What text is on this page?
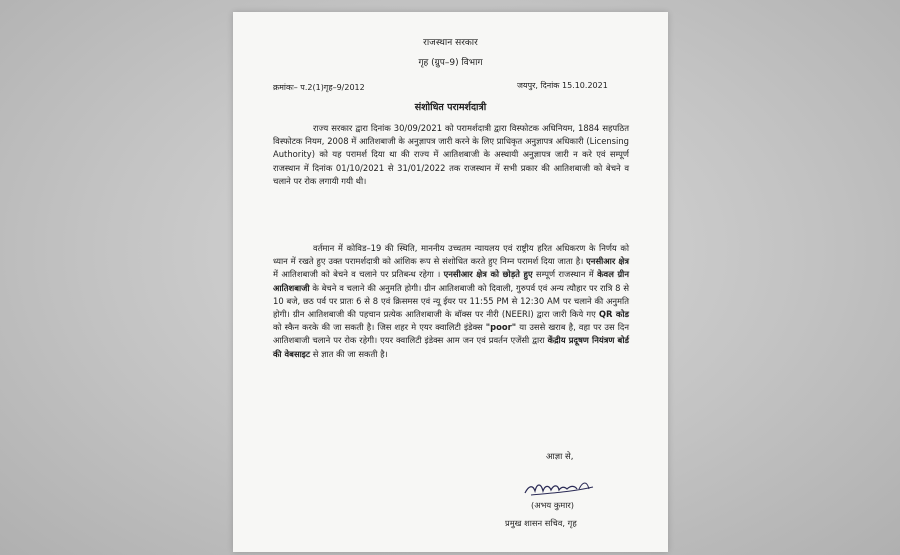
राजस्थान सरकार
गृह (ग्रुप–9) विभाग
क्रमांकः– प.2(1)गृह–9/2012	जयपुर, दिनांक 15.10.2021
संशोधित परामर्शदात्री
राज्य सरकार द्वारा दिनांक 30/09/2021 को परामर्शदात्री द्वारा विस्फोटक अधिनियम, 1884 सहपठित विस्फोटक नियम, 2008 में आतिशबाजी के अनुज्ञापत्र जारी करने के लिए प्राधिकृत अनुज्ञापत्र अधिकारी (Licensing Authority) को यह परामर्श दिया था की राज्य में आतिशबाजी के अस्थायी अनुज्ञापत्र जारी न करे एवं सम्पूर्ण राजस्थान में दिनांक 01/10/2021 से 31/01/2022 तक राजस्थान में सभी प्रकार की आतिशबाजी को बेचने व चलाने पर रोक लगायी गयी थी।
वर्तमान में कोविड–19 की स्थिति, माननीय उच्चतम न्यायलय एवं राष्ट्रीय हरित अधिकरण के निर्णय को ध्यान में रखते हुए उक्त परामर्शदात्री को आंशिक रूप से संशोधित करते हुए निम्न परामर्श दिया जाता है। एनसीआर क्षेत्र में आतिशबाजी को बेचने व चलाने पर प्रतिबन्ध रहेगा । एनसीआर क्षेत्र को छोड़ते हुए सम्पूर्ण राजस्थान में केवल ग्रीन आतिशबाजी के बेचने व चलाने की अनुमति होगी। ग्रीन आतिशबाजी को दिवाली, गुरुपर्व एवं अन्य त्यौहार पर रात्रि 8 से 10 बजे, छठ पर्व पर प्रातः 6 से 8 एवं क्रिसमस एवं न्यू ईयर पर 11:55 PM से 12:30 AM पर चलाने की अनुमति होगी। ग्रीन आतिशबाजी की पहचान प्रत्येक आतिशबाजी के बॉक्स पर नीरी (NEERI) द्वारा जारी किये गए QR कोड को स्कैन करके की जा सकती है। जिस शहर मे एयर क्वालिटी इंडेक्स "poor" या उससे खराब है, वहा पर उस दिन आतिशबाजी चलाने पर रोक रहेगी। एयर क्वालिटी इंडेक्स आम जन एवं प्रवर्तन एजेंसी द्वारा केंद्रीय प्रदूषण नियंत्रण बोर्ड की वेबसाइट से ज्ञात की जा सकती है।
आज्ञा से,
(अभय कुमार)
प्रमुख शासन सचिव, गृह
